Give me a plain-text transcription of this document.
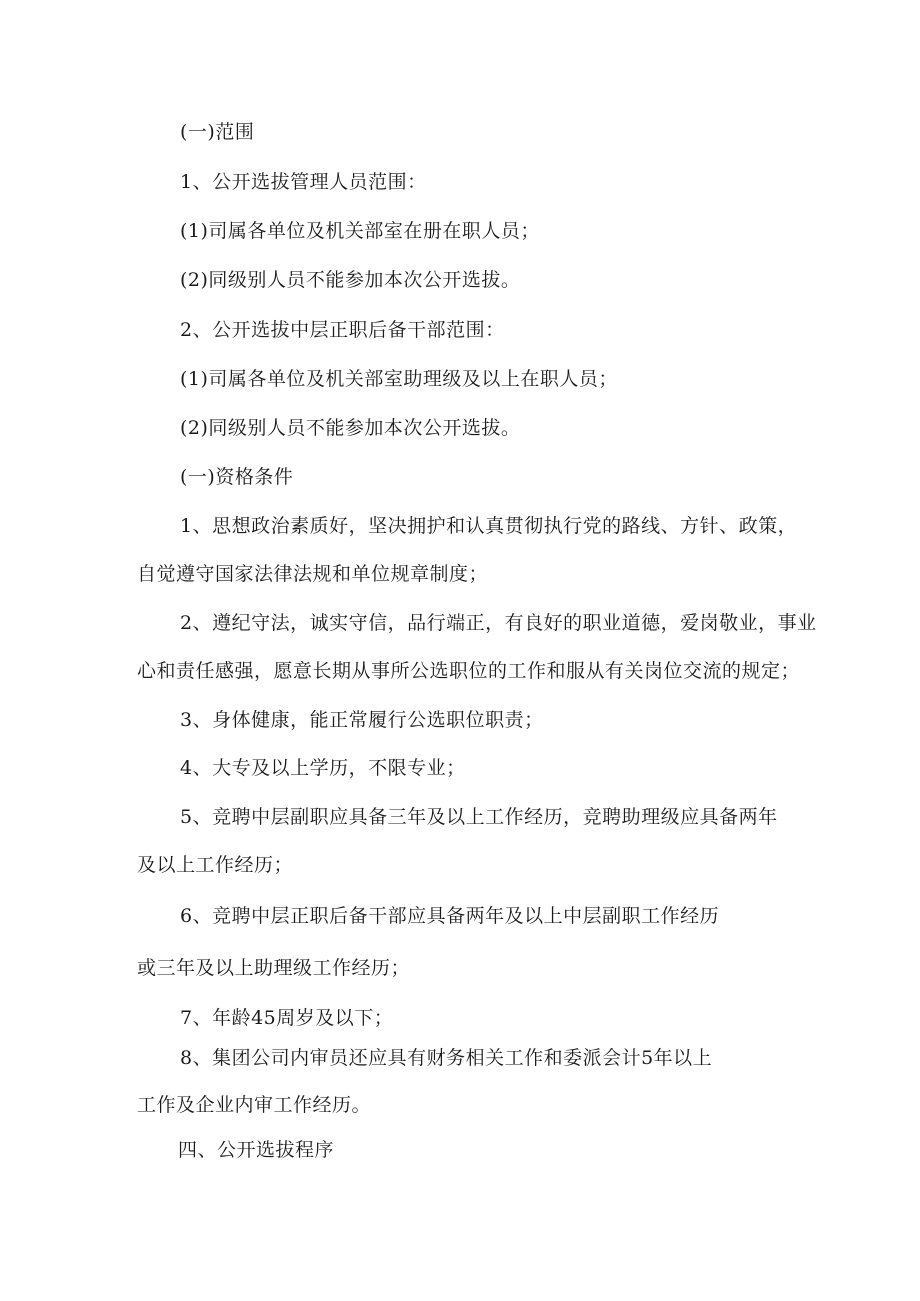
(一)范围
1、公开选拔管理人员范围：
(1)司属各单位及机关部室在册在职人员；
(2)同级别人员不能参加本次公开选拔。
2、公开选拔中层正职后备干部范围：
(1)司属各单位及机关部室助理级及以上在职人员；
(2)同级别人员不能参加本次公开选拔。
(一)资格条件
1、思想政治素质好，坚决拥护和认真贯彻执行党的路线、方针、政策，
自觉遵守国家法律法规和单位规章制度；
2、遵纪守法，诚实守信，品行端正，有良好的职业道德，爱岗敬业，事业
心和责任感强，愿意长期从事所公选职位的工作和服从有关岗位交流的规定；
3、身体健康，能正常履行公选职位职责；
4、大专及以上学历，不限专业；
5、竞聘中层副职应具备三年及以上工作经历，竞聘助理级应具备两年
及以上工作经历；
6、竞聘中层正职后备干部应具备两年及以上中层副职工作经历
或三年及以上助理级工作经历；
7、年龄45周岁及以下；
8、集团公司内审员还应具有财务相关工作和委派会计5年以上
工作及企业内审工作经历。
四、公开选拔程序
